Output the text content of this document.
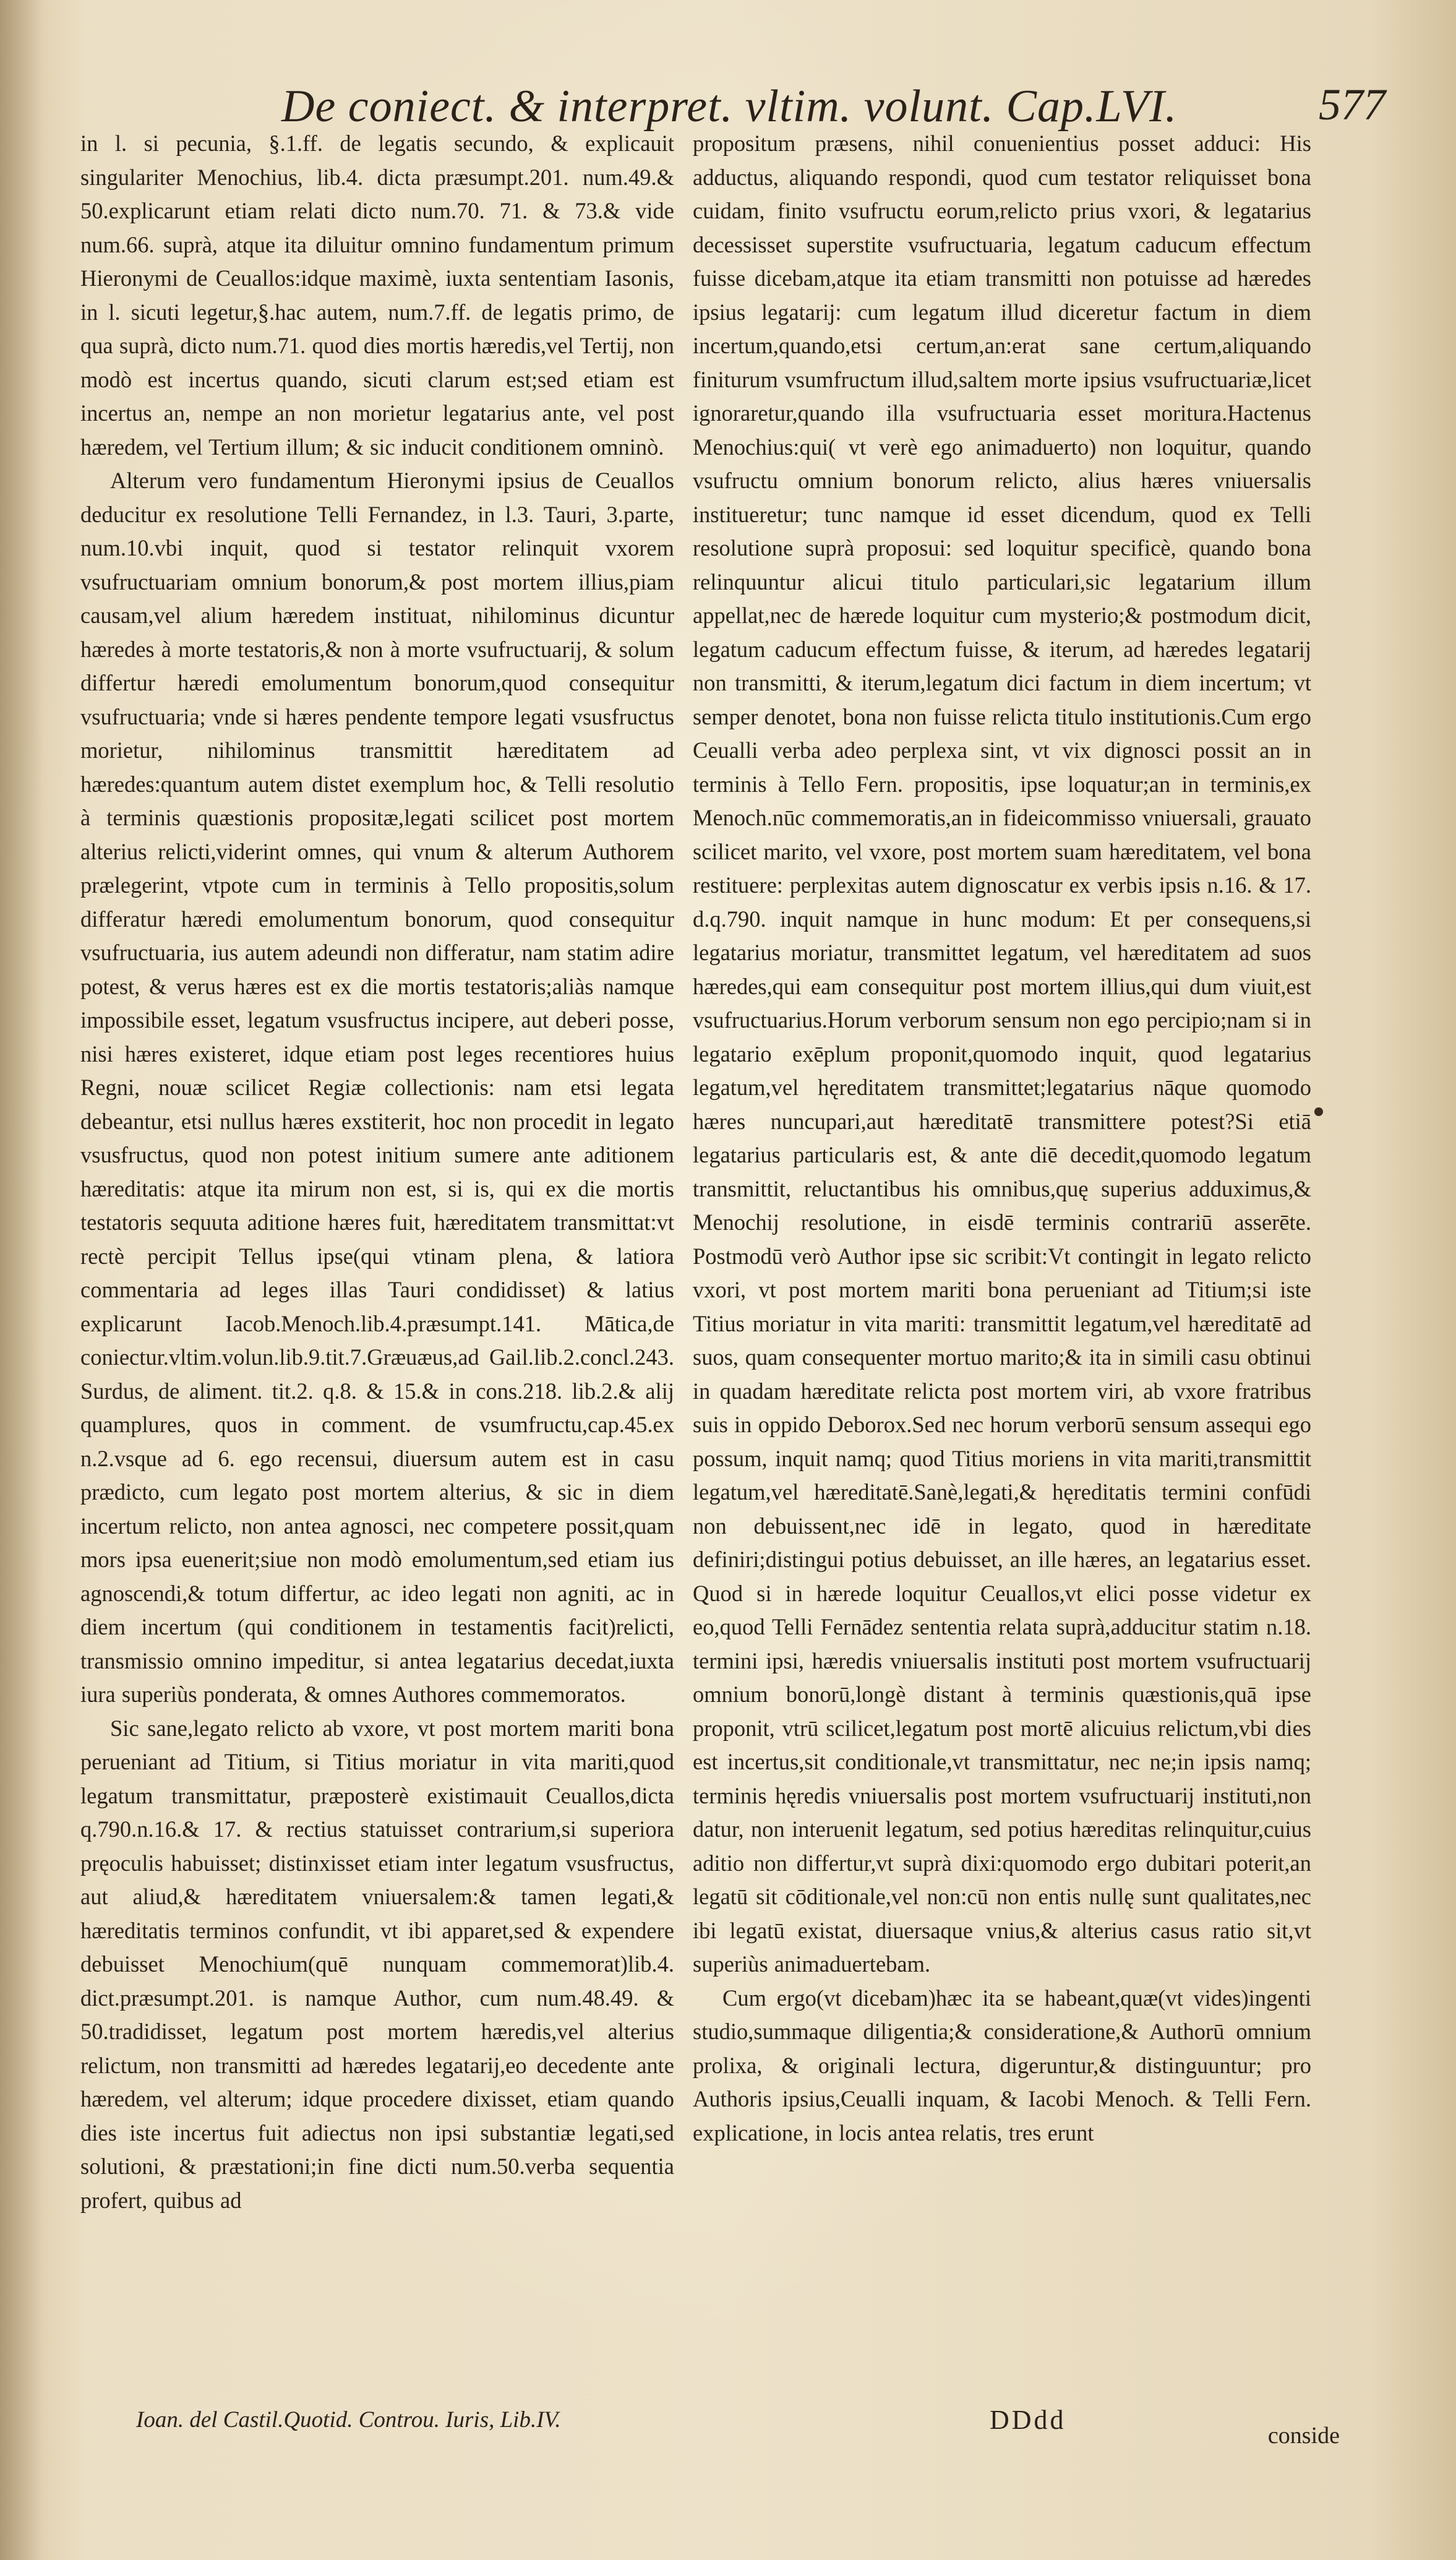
De coniect. & interpret. vltim. volunt. Cap.LVI.	577

in l. si pecunia, §.1.ff. de legatis secundo, & explicauit singulariter Menochius, lib.4. dicta præsumpt.201. num.49.& 50.explicarunt etiam relati dicto num.70. 71. & 73.& vide num.66. suprà, atque ita diluitur omnino fundamentum primum Hieronymi de Ceuallos:idque maximè, iuxta sententiam Iasonis, in l. sicuti legetur,§.hac autem, num.7.ff. de legatis primo, de qua suprà, dicto num.71. quod dies mortis hæredis,vel Tertij, non modò est incertus quando, sicuti clarum est;sed etiam est incertus an, nempe an non morietur legatarius ante, vel post hæredem, vel Tertium illum; & sic inducit conditionem omninò.

Alterum vero fundamentum Hieronymi ipsius de Ceuallos deducitur ex resolutione Telli Fernandez, in l.3. Tauri, 3.parte, num.10.vbi inquit, quod si testator relinquit vxorem vsufructuariam omnium bonorum,& post mortem illius,piam causam,vel alium hæredem instituat, nihilominus dicuntur hæredes à morte testatoris,& non à morte vsufructuarij, & solum differtur hæredi emolumentum bonorum,quod consequitur vsufructuaria; vnde si hæres pendente tempore legati vsusfructus morietur, nihilominus transmittit hæreditatem ad hæredes:quantum autem distet exemplum hoc, & Telli resolutio à terminis quæstionis propositæ,legati scilicet post mortem alterius relicti,viderint omnes, qui vnum & alterum Authorem prælegerint, vtpote cum in terminis à Tello propositis,solum differatur hæredi emolumentum bonorum, quod consequitur vsufructuaria, ius autem adeundi non differatur, nam statim adire potest, & verus hæres est ex die mortis testatoris;aliàs namque impossibile esset, legatum vsusfructus incipere, aut deberi posse, nisi hæres existeret, idque etiam post leges recentiores huius Regni, nouæ scilicet Regiæ collectionis: nam etsi legata debeantur, etsi nullus hæres exstiterit, hoc non procedit in legato vsusfructus, quod non potest initium sumere ante aditionem hæreditatis: atque ita mirum non est, si is, qui ex die mortis testatoris sequuta aditione hæres fuit, hæreditatem transmittat:vt rectè percipit Tellus ipse(qui vtinam plena, & latiora commentaria ad leges illas Tauri condidisset) & latius explicarunt Iacob.Menoch.lib.4.præsumpt.141. Mātica,de coniectur.vltim.volun.lib.9.tit.7.Græuæus,ad Gail.lib.2.concl.243. Surdus, de aliment. tit.2. q.8. & 15.& in cons.218. lib.2.& alij quamplures, quos in comment. de vsumfructu,cap.45.ex n.2.vsque ad 6. ego recensui, diuersum autem est in casu prædicto, cum legato post mortem alterius, & sic in diem incertum relicto, non antea agnosci, nec competere possit,quam mors ipsa euenerit;siue non modò emolumentum,sed etiam ius agnoscendi,& totum differtur, ac ideo legati non agniti, ac in diem incertum (qui conditionem in testamentis facit)relicti, transmissio omnino impeditur, si antea legatarius decedat,iuxta iura superiùs ponderata, & omnes Authores commemoratos.

Sic sane,legato relicto ab vxore, vt post mortem mariti bona perueniant ad Titium, si Titius moriatur in vita mariti,quod legatum transmittatur, præposterè existimauit Ceuallos,dicta q.790.n.16.& 17. & rectius statuisset contrarium,si superiora pręoculis habuisset; distinxisset etiam inter legatum vsusfructus, aut aliud,& hæreditatem vniuersalem:& tamen legati,& hæreditatis terminos confundit, vt ibi apparet,sed & expendere debuisset Menochium(quē nunquam commemorat)lib.4. dict.præsumpt.201. is namque Author, cum num.48.49. & 50.tradidisset, legatum post mortem hæredis,vel alterius relictum, non transmitti ad hæredes legatarij,eo decedente ante hæredem, vel alterum; idque procedere dixisset, etiam quando dies iste incertus fuit adiectus non ipsi substantiæ legati,sed solutioni, & præstationi;in fine dicti num.50.verba sequentia profert, quibus ad

propositum præsens, nihil conuenientius posset adduci: His adductus, aliquando respondi, quod cum testator reliquisset bona cuidam, finito vsufructu eorum,relicto prius vxori, & legatarius decessisset superstite vsufructuaria, legatum caducum effectum fuisse dicebam,atque ita etiam transmitti non potuisse ad hæredes ipsius legatarij: cum legatum illud diceretur factum in diem incertum,quando,etsi certum,an:erat sane certum,aliquando finiturum vsumfructum illud,saltem morte ipsius vsufructuariæ,licet ignoraretur,quando illa vsufructuaria esset moritura.Hactenus Menochius:qui( vt verè ego animaduerto) non loquitur, quando vsufructu omnium bonorum relicto, alius hæres vniuersalis institueretur; tunc namque id esset dicendum, quod ex Telli resolutione suprà proposui: sed loquitur specificè, quando bona relinquuntur alicui titulo particulari,sic legatarium illum appellat,nec de hærede loquitur cum mysterio;& postmodum dicit, legatum caducum effectum fuisse, & iterum, ad hæredes legatarij non transmitti, & iterum,legatum dici factum in diem incertum; vt semper denotet, bona non fuisse relicta titulo institutionis.Cum ergo Ceualli verba adeo perplexa sint, vt vix dignosci possit an in terminis à Tello Fern. propositis, ipse loquatur;an in terminis,ex Menoch.nūc commemoratis,an in fideicommisso vniuersali, grauato scilicet marito, vel vxore, post mortem suam hæreditatem, vel bona restituere: perplexitas autem dignoscatur ex verbis ipsis n.16. & 17. d.q.790. inquit namque in hunc modum: Et per consequens,si legatarius moriatur, transmittet legatum, vel hæreditatem ad suos hæredes,qui eam consequitur post mortem illius,qui dum viuit,est vsufructuarius.Horum verborum sensum non ego percipio;nam si in legatario exēplum proponit,quomodo inquit, quod legatarius legatum,vel hęreditatem transmittet;legatarius nāque quomodo hæres nuncupari,aut hæreditatē transmittere potest?Si etiā legatarius particularis est, & ante diē decedit,quomodo legatum transmittit, reluctantibus his omnibus,quę superius adduximus,& Menochij resolutione, in eisdē terminis contrariū asserēte. Postmodū verò Author ipse sic scribit:Vt contingit in legato relicto vxori, vt post mortem mariti bona perueniant ad Titium;si iste Titius moriatur in vita mariti: transmittit legatum,vel hæreditatē ad suos, quam consequenter mortuo marito;& ita in simili casu obtinui in quadam hæreditate relicta post mortem viri, ab vxore fratribus suis in oppido Deborox.Sed nec horum verborū sensum assequi ego possum, inquit namq; quod Titius moriens in vita mariti,transmittit legatum,vel hæreditatē.Sanè,legati,& hęreditatis termini confūdi non debuissent,nec idē in legato, quod in hæreditate definiri;distingui potius debuisset, an ille hæres, an legatarius esset. Quod si in hærede loquitur Ceuallos,vt elici posse videtur ex eo,quod Telli Fernādez sententia relata suprà,adducitur statim n.18. termini ipsi, hæredis vniuersalis instituti post mortem vsufructuarij omnium bonorū,longè distant à terminis quæstionis,quā ipse proponit, vtrū scilicet,legatum post mortē alicuius relictum,vbi dies est incertus,sit conditionale,vt transmittatur, nec ne;in ipsis namq; terminis hęredis vniuersalis post mortem vsufructuarij instituti,non datur, non interuenit legatum, sed potius hæreditas relinquitur,cuius aditio non differtur,vt suprà dixi:quomodo ergo dubitari poterit,an legatū sit cōditionale,vel non:cū non entis nullę sunt qualitates,nec ibi legatū existat, diuersaque vnius,& alterius casus ratio sit,vt superiùs animaduertebam.

Cum ergo(vt dicebam)hæc ita se habeant,quæ(vt vides)ingenti studio,summaque diligentia;& consideratione,& Authorū omnium prolixa, & originali lectura, digeruntur,& distinguuntur; pro Authoris ipsius,Ceualli inquam, & Iacobi Menoch. & Telli Fern. explicatione, in locis antea relatis, tres erunt

Ioan. del Castil.Quotid. Controu. Iuris, Lib.IV.	DDdd
conside
